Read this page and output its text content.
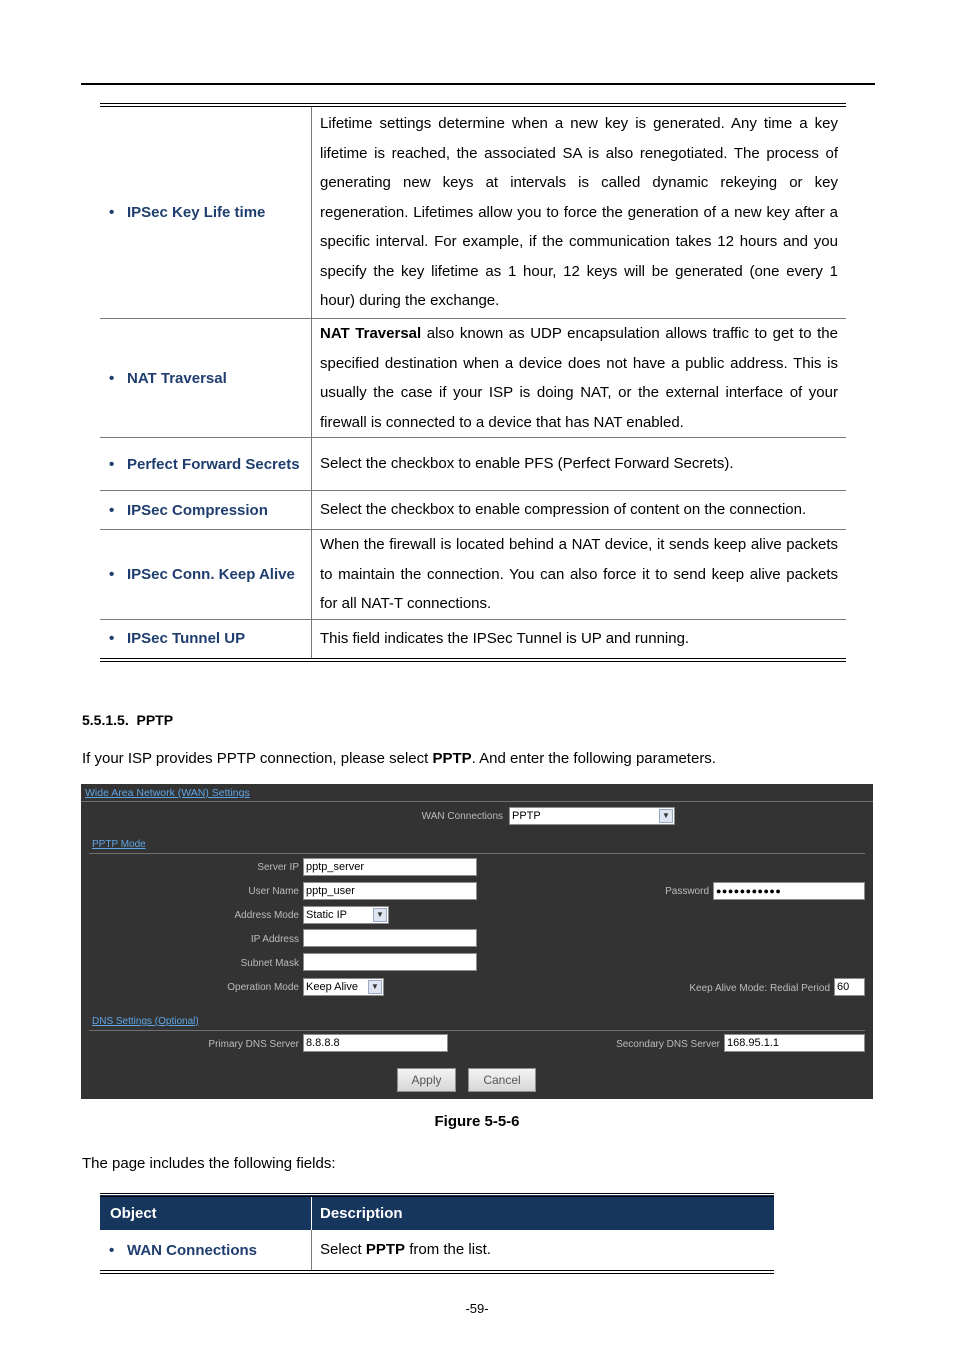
•
IPSec Key Life time	Lifetime settings determine when a new key is generated. Any time a key lifetime is reached, the associated SA is also renegotiated. The process of generating new keys at intervals is called dynamic rekeying or key regeneration. Lifetimes allow you to force the generation of a new key after a specific interval. For example, if the communication takes 12 hours and you specify the key lifetime as 1 hour, 12 keys will be generated (one every 1 hour) during the exchange.

•
NAT Traversal	NAT Traversal also known as UDP encapsulation allows traffic to get to the specified destination when a device does not have a public address. This is usually the case if your ISP is doing NAT, or the external interface of your firewall is connected to a device that has NAT enabled.

•
Perfect Forward Secrets	Select the checkbox to enable PFS (Perfect Forward Secrets).

•
IPSec Compression	Select the checkbox to enable compression of content on the connection.

•
IPSec Conn. Keep Alive	When the firewall is located behind a NAT device, it sends keep alive packets to maintain the connection. You can also force it to send keep alive packets for all NAT-T connections.

•
IPSec Tunnel UP	This field indicates the IPSec Tunnel is UP and running.
5.5.1.5. PPTP
If your ISP provides PPTP connection, please select PPTP. And enter the following parameters.
Wide Area Network (WAN) Settings
WAN Connections PPTP	▼
PPTP Mode
Server IP pptp_server
User Name pptp_user	Password ●●●●●●●●●●●
Address Mode Static IP	▼
IP Address
Subnet Mask
Operation Mode Keep Alive	▼	Keep Alive Mode: Redial Period 60
DNS Settings (Optional)
Primary DNS Server 8.8.8.8	Secondary DNS Server 168.95.1.1
Apply	Cancel
Figure 5-5-6
The page includes the following fields:
Object	Description

•
WAN Connections	Select PPTP from the list.
-59-
